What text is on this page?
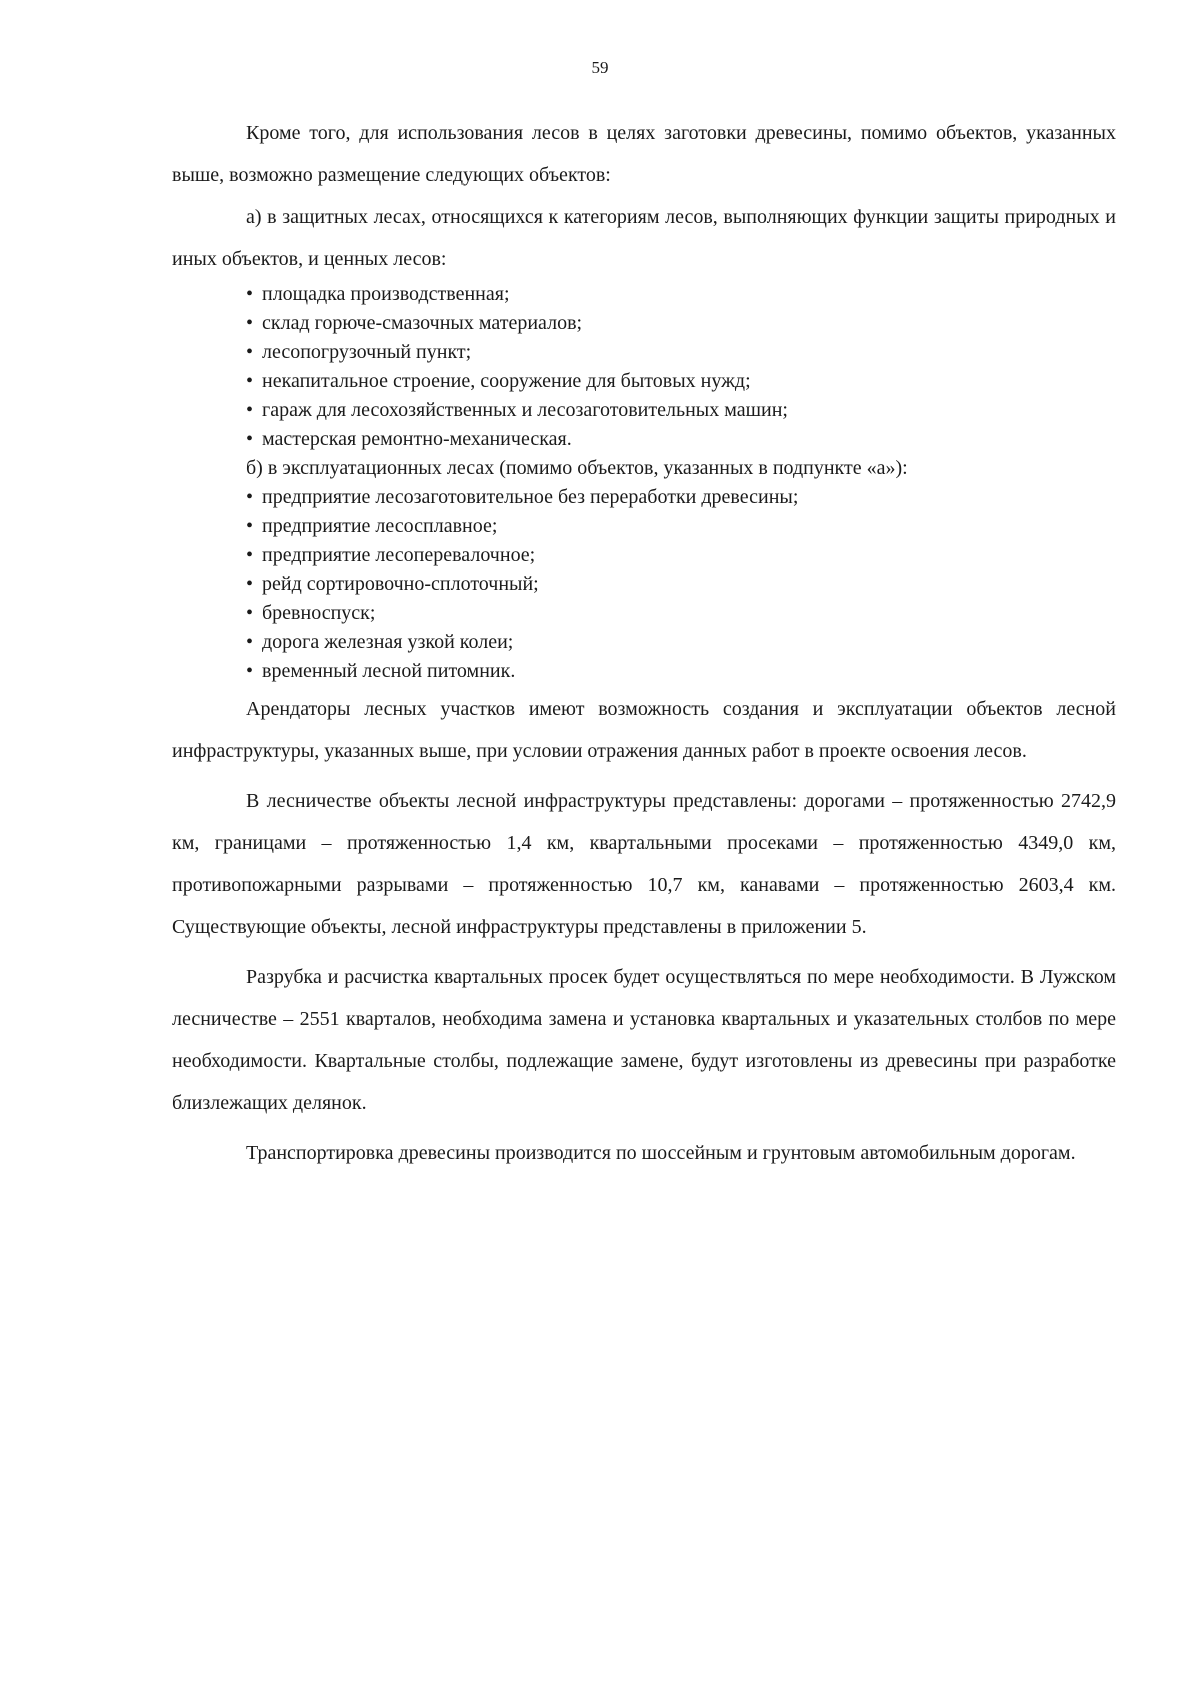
59

Кроме того, для использования лесов в целях заготовки древесины, помимо объектов, указанных выше, возможно размещение следующих объектов:

а) в защитных лесах, относящихся к категориям лесов, выполняющих функции защиты природных и иных объектов, и ценных лесов:

• площадка производственная;
• склад горюче-смазочных материалов;
• лесопогрузочный пункт;
• некапитальное строение, сооружение для бытовых нужд;
• гараж для лесохозяйственных и лесозаготовительных машин;
• мастерская ремонтно-механическая.

б) в эксплуатационных лесах (помимо объектов, указанных в подпункте «а»):

• предприятие лесозаготовительное без переработки древесины;
• предприятие лесосплавное;
• предприятие лесоперевалочное;
• рейд сортировочно-сплоточный;
• бревноспуск;
• дорога железная узкой колеи;
• временный лесной питомник.

Арендаторы лесных участков имеют возможность создания и эксплуатации объектов лесной инфраструктуры, указанных выше, при условии отражения данных работ в проекте освоения лесов.

В лесничестве объекты лесной инфраструктуры представлены: дорогами – протяженностью 2742,9 км, границами – протяженностью 1,4 км, квартальными просеками – протяженностью 4349,0 км, противопожарными разрывами – протяженностью 10,7 км, канавами – протяженностью 2603,4 км. Существующие объекты, лесной инфраструктуры представлены в приложении 5.

Разрубка и расчистка квартальных просек будет осуществляться по мере необходимости. В Лужском лесничестве – 2551 кварталов, необходима замена и установка квартальных и указательных столбов по мере необходимости. Квартальные столбы, подлежащие замене, будут изготовлены из древесины при разработке близлежащих делянок.

Транспортировка древесины производится по шоссейным и грунтовым автомобильным дорогам.
